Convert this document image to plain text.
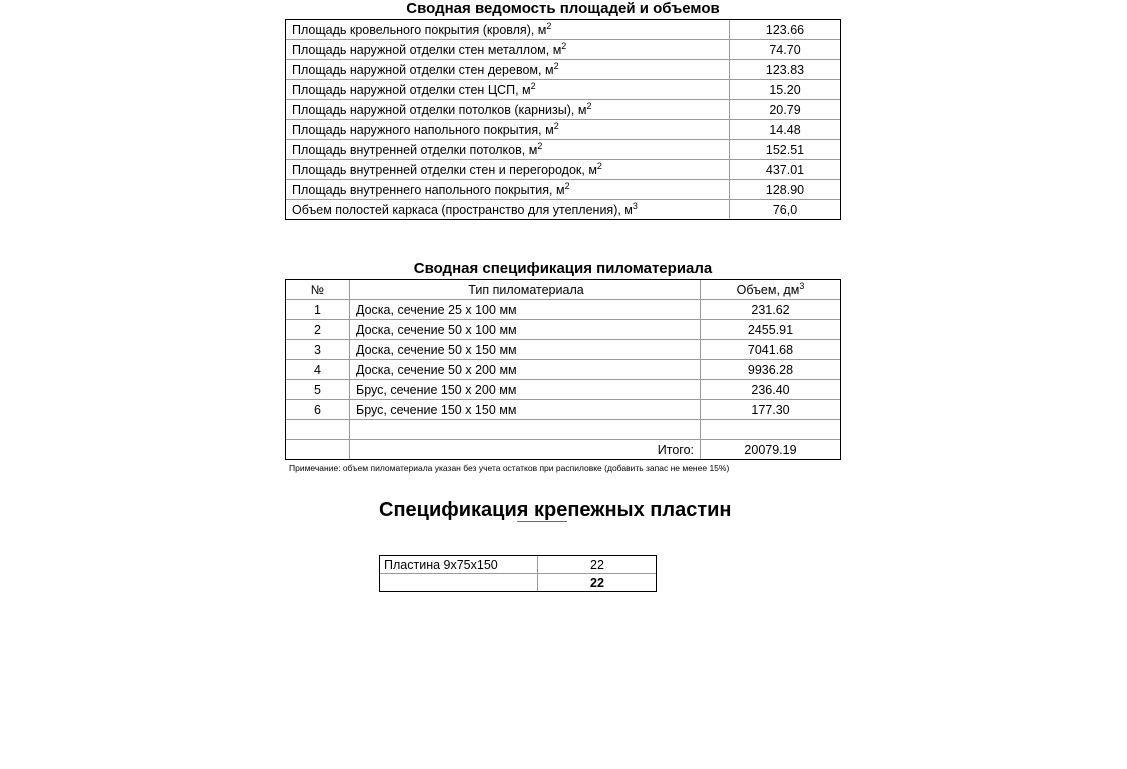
Сводная ведомость площадей и объемов
Площадь кровельного покрытия (кровля), $м^2$	123.66
Площадь наружной отделки стен металлом, $м^2$	74.70
Площадь наружной отделки стен деревом, $м^2$	123.83
Площадь наружной отделки стен ЦСП, $м^2$	15.20
Площадь наружной отделки потолков (карнизы), $м^2$	20.79
Площадь наружного напольного покрытия, $м^2$	14.48
Площадь внутренней отделки потолков, $м^2$	152.51
Площадь внутренней отделки стен и перегородок, $м^2$	437.01
Площадь внутреннего напольного покрытия, $м^2$	128.90
Объем полостей каркаса (пространство для утепления), $м^3$	76,0
Сводная спецификация пиломатериала
№	Тип пиломатериала	Объем, $дм^3$
1	Доска, сечение 25 х 100 мм	231.62
2	Доска, сечение 50 х 100 мм	2455.91
3	Доска, сечение 50 х 150 мм	7041.68
4	Доска, сечение 50 х 200 мм	9936.28
5	Брус, сечение 150 х 200 мм	236.40
6	Брус, сечение 150 х 150 мм	177.30

	Итого:	20079.19
Примечание: объем пиломатериала указан без учета остатков при распиловке (добавить запас не менее 15%)
Спецификация крепежных пластин
Пластина 9x75x150	22
	22
